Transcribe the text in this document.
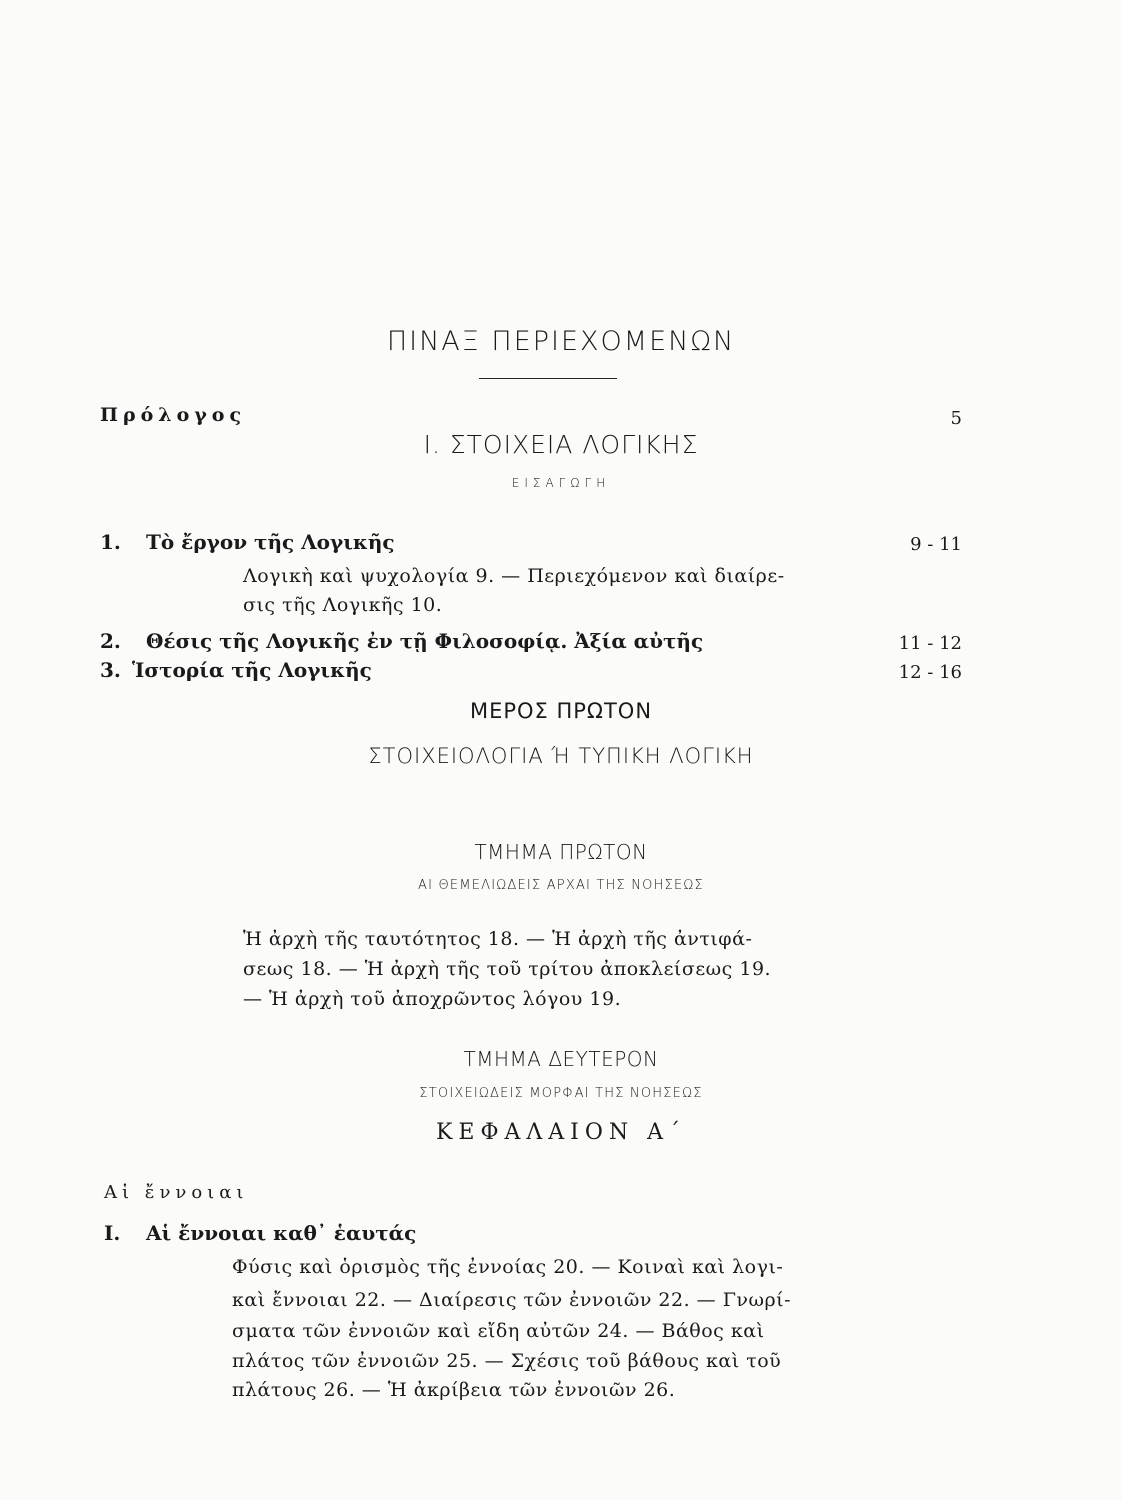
ΠΙΝΑΞ ΠΕΡΙΕΧΟΜΕΝΩΝ
Πρόλογος	5
Ι. ΣΤΟΙΧΕΙΑ ΛΟΓΙΚΗΣ
ΕΙΣΑΓΩΓΗ
1. Τὸ ἔργον τῆς Λογικῆς	9 - 11
Λογικὴ καὶ ψυχολογία 9. — Περιεχόμενον καὶ διαίρε-
σις τῆς Λογικῆς 10.
2. Θέσις τῆς Λογικῆς ἐν τῇ Φιλοσοφίᾳ. Ἀξία αὐτῆς	11 - 12
3. Ἱστορία τῆς Λογικῆς	12 - 16
ΜΕΡΟΣ ΠΡΩΤΟΝ
ΣΤΟΙΧΕΙΟΛΟΓΙΑ Ή ΤΥΠΙΚΗ ΛΟΓΙΚΗ
ΤΜΗΜΑ ΠΡΩΤΟΝ
ΑΙ ΘΕΜΕΛΙΩΔΕΙΣ ΑΡΧΑΙ ΤΗΣ ΝΟΗΣΕΩΣ
Ἡ ἀρχὴ τῆς ταυτότητος 18. — Ἡ ἀρχὴ τῆς ἀντιφά-
σεως 18. — Ἡ ἀρχὴ τῆς τοῦ τρίτου ἀποκλείσεως 19.
— Ἡ ἀρχὴ τοῦ ἀποχρῶντος λόγου 19.
ΤΜΗΜΑ ΔΕΥΤΕΡΟΝ
ΣΤΟΙΧΕΙΩΔΕΙΣ ΜΟΡΦΑΙ ΤΗΣ ΝΟΗΣΕΩΣ
ΚΕΦΑΛΑΙΟΝ Α΄
Αἱ ἔννοιαι
Ι. Αἱ ἔννοιαι καθ᾽ ἑαυτάς
Φύσις καὶ ὁρισμὸς τῆς ἐννοίας 20. — Κοιναὶ καὶ λογι-
καὶ ἔννοιαι 22. — Διαίρεσις τῶν ἐννοιῶν 22. — Γνωρί-
σματα τῶν ἐννοιῶν καὶ εἴδη αὐτῶν 24. — Βάθος καὶ
πλάτος τῶν ἐννοιῶν 25. — Σχέσις τοῦ βάθους καὶ τοῦ
πλάτους 26. — Ἡ ἀκρίβεια τῶν ἐννοιῶν 26.
